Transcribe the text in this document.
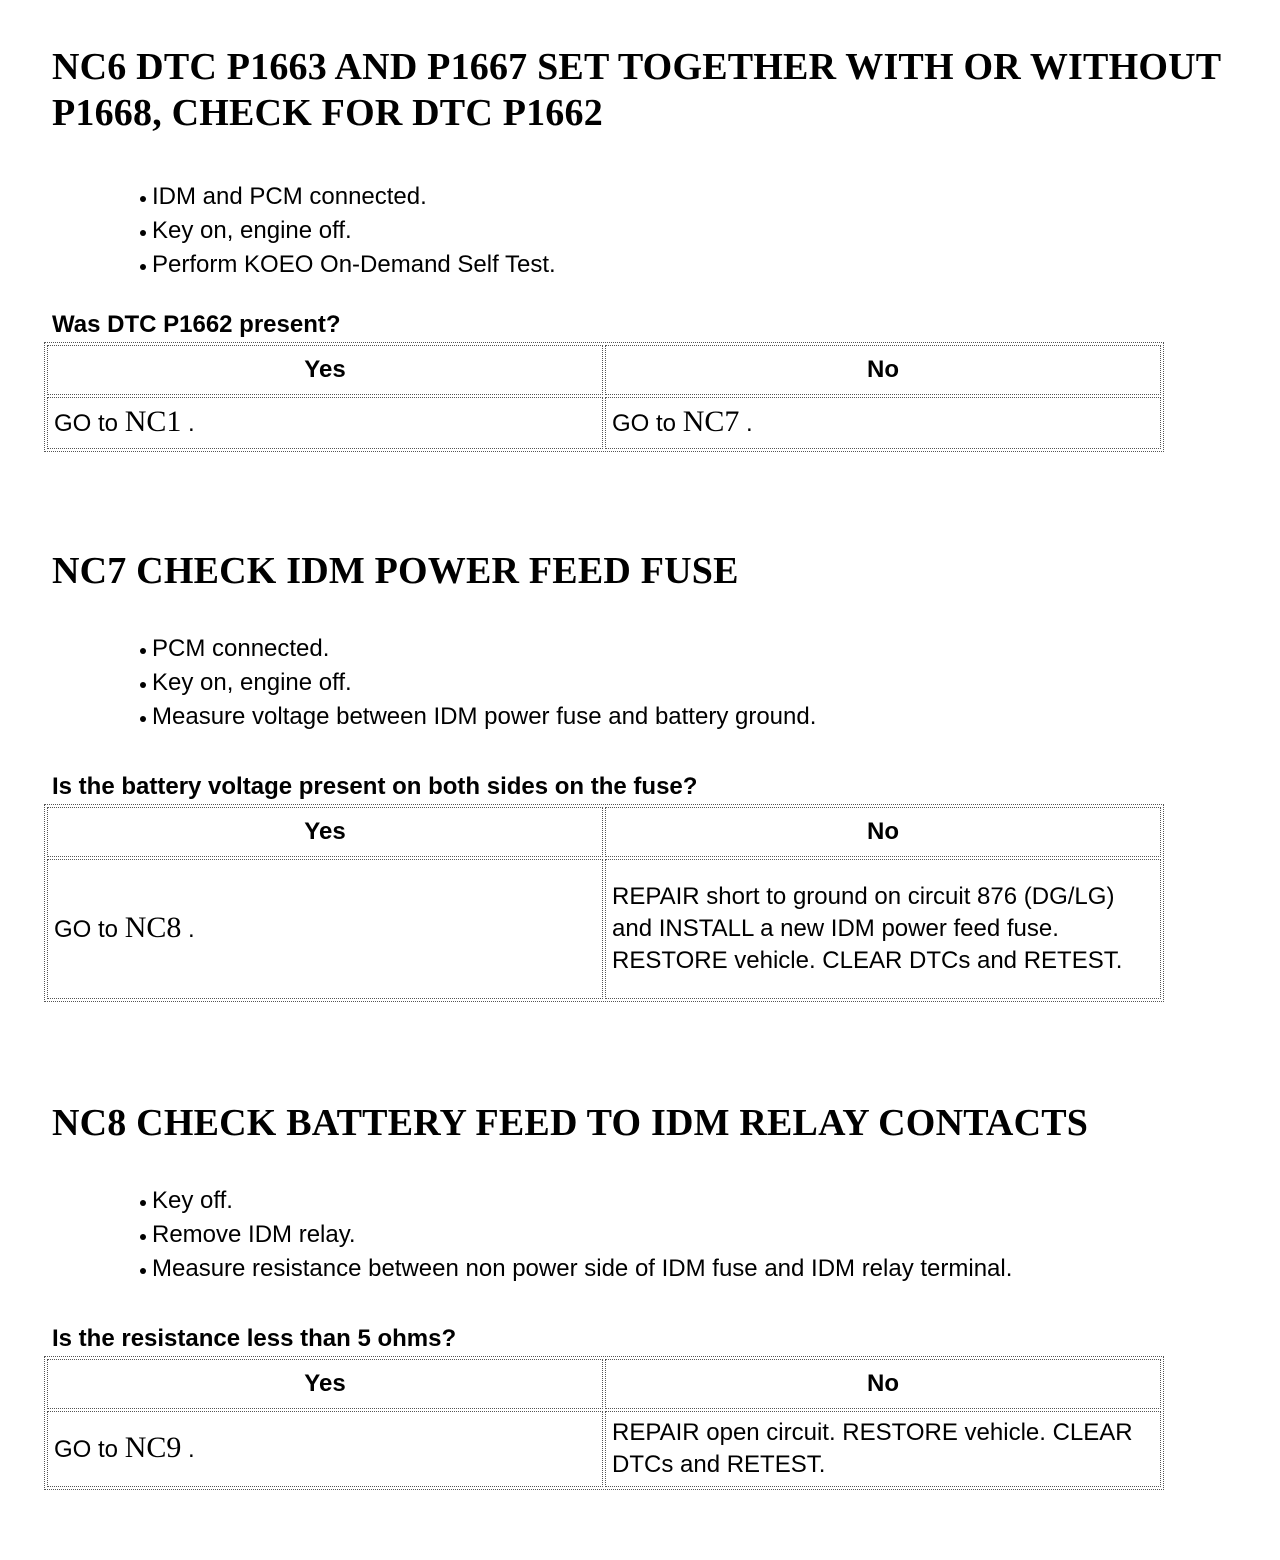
NC6 DTC P1663 AND P1667 SET TOGETHER WITH OR WITHOUT P1668, CHECK FOR DTC P1662
IDM and PCM connected.
Key on, engine off.
Perform KOEO On-Demand Self Test.

Was DTC P1662 present?

Yes	No
GO to NC1 .	GO to NC7 .
NC7 CHECK IDM POWER FEED FUSE
PCM connected.
Key on, engine off.
Measure voltage between IDM power fuse and battery ground.

Is the battery voltage present on both sides on the fuse?

Yes	No
GO to NC8 .	REPAIR short to ground on circuit 876 (DG/LG) and INSTALL a new IDM power feed fuse. RESTORE vehicle. CLEAR DTCs and RETEST.
NC8 CHECK BATTERY FEED TO IDM RELAY CONTACTS
Key off.
Remove IDM relay.
Measure resistance between non power side of IDM fuse and IDM relay terminal.

Is the resistance less than 5 ohms?

Yes	No
GO to NC9 .	REPAIR open circuit. RESTORE vehicle. CLEAR DTCs and RETEST.
